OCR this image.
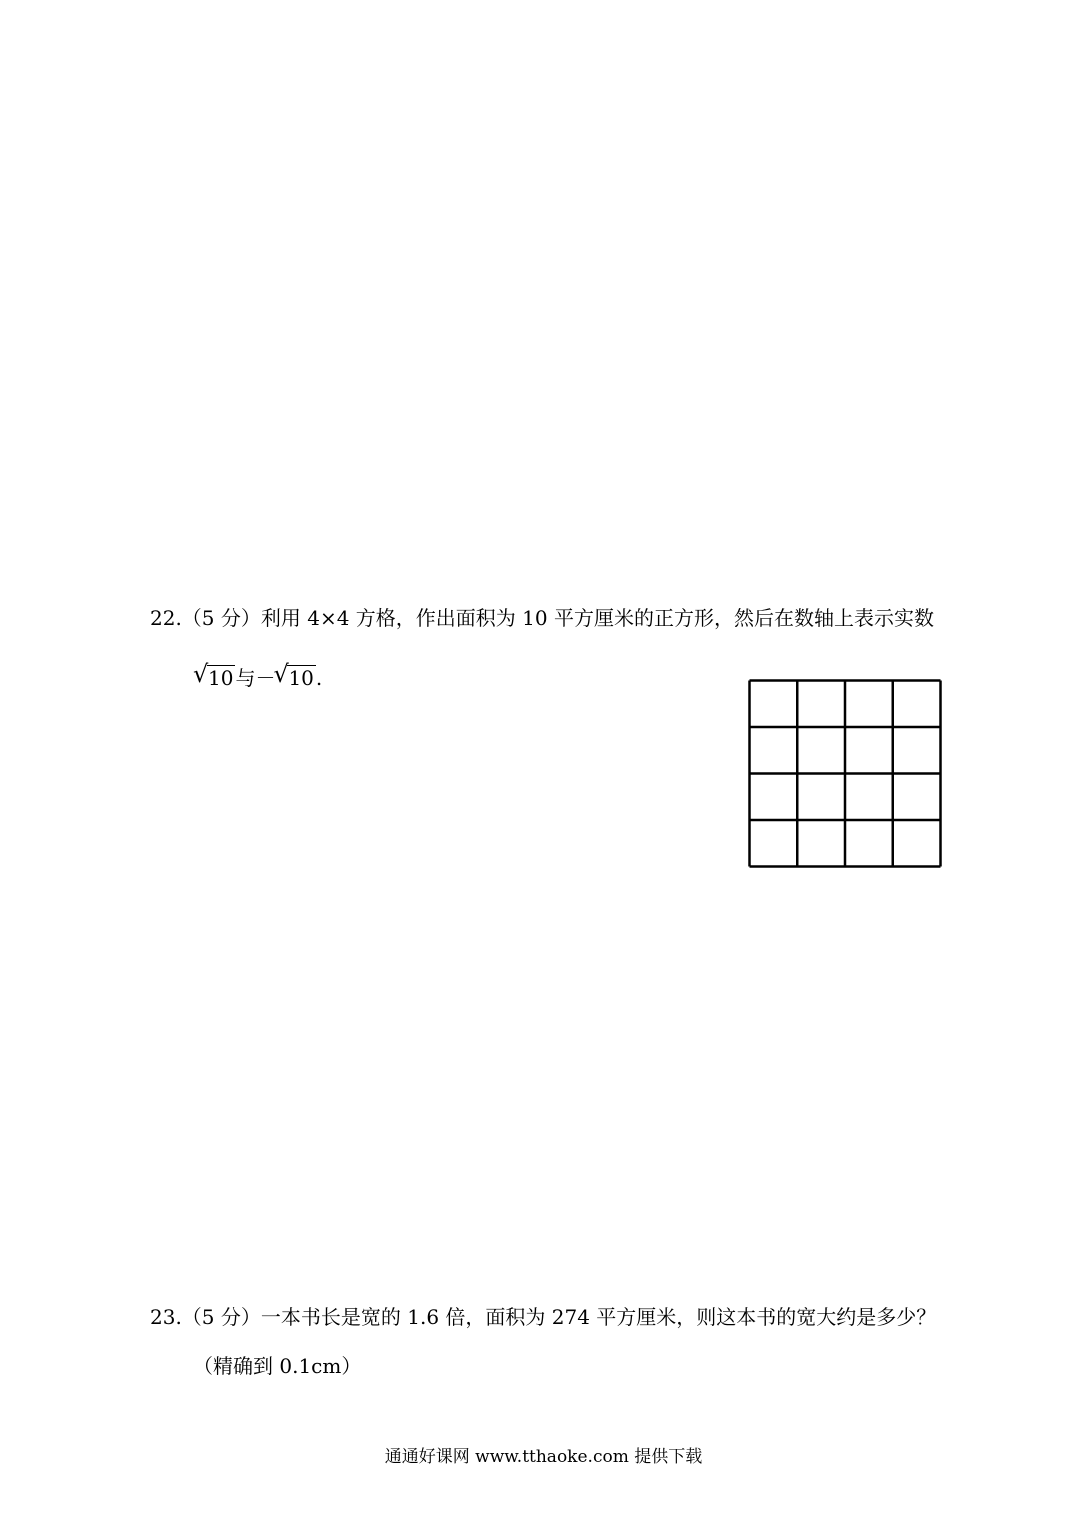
22.（5 分）利用 4×4 方格，作出面积为 10 平方厘米的正方形，然后在数轴上表示实数
√ 10 与－
√ 10 .
23.（5 分）一本书长是宽的 1.6 倍，面积为 274 平方厘米，则这本书的宽大约是多少？
（精确到 0.1cm）
通通好课网 www.tthaoke.com 提供下载
